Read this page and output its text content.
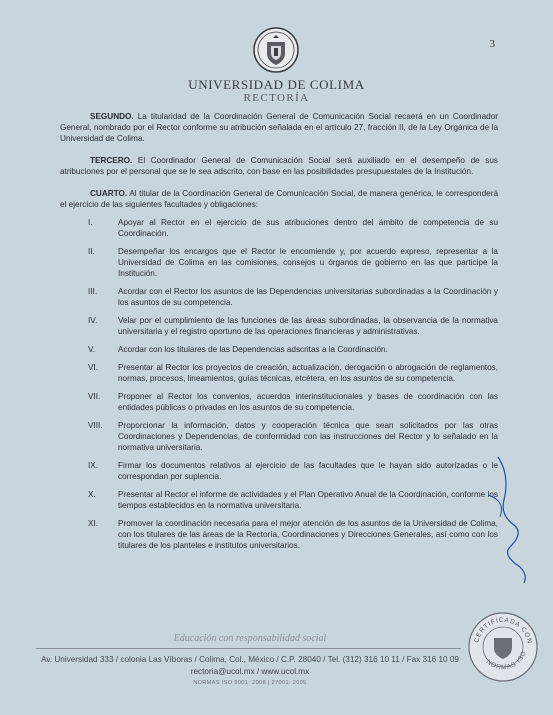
3
UNIVERSIDAD DE COLIMA
RECTORÍA

SEGUNDO. La titularidad de la Coordinación General de Comunicación Social recaerá en un Coordinador General, nombrado por el Rector conforme su atribución señalada en el artículo 27, fracción II, de la Ley Orgánica de la Universidad de Colima.

TERCERO. El Coordinador General de Comunicación Social será auxiliado en el desempeño de sus atribuciones por el personal que se le sea adscrito, con base en las posibilidades presupuestales de la Institución.

CUARTO. Al titular de la Coordinación General de Comunicación Social, de manera genérica, le corresponderá el ejercicio de las siguientes facultades y obligaciones:

I.	Apoyar al Rector en el ejercicio de sus atribuciones dentro del ámbito de competencia de su Coordinación.
II.	Desempeñar los encargos que el Rector le encomiende y, por acuerdo expreso, representar a la Universidad de Colima en las comisiones, consejos u órganos de gobierno en las que participe la Institución.
III.	Acordar con el Rector los asuntos de las Dependencias universitarias subordinadas a la Coordinación y los asuntos de su competencia.
IV.	Velar por el cumplimiento de las funciones de las áreas subordinadas, la observancia de la normativa universitaria y el registro oportuno de las operaciones financieras y administrativas.
V.	Acordar con los titulares de las Dependencias adscritas a la Coordinación.
VI. Presentar al Rector los proyectos de creación, actualización, derogación o abrogación de reglamentos, normas, procesos, lineamientos, guías técnicas, etcétera, en los asuntos de su competencia.
VII. Proponer al Rector los convenios, acuerdos interinstitucionales y bases de coordinación con las entidades públicas o privadas en los asuntos de su competencia.
VIII. Proporcionar la información, datos y cooperación técnica que sean solicitados por las otras Coordinaciones y Dependencias, de conformidad con las instrucciones del Rector y lo señalado en la normativa universitaria.
IX. Firmar los documentos relativos al ejercicio de las facultades que le hayan sido autorizadas o le correspondan por suplencia.
X.	Presentar al Rector el informe de actividades y el Plan Operativo Anual de la Coordinación, conforme los tiempos establecidos en la normativa universitaria.
XI. Promover la coordinación necesaria para el mejor atención de los asuntos de la Universidad de Colima, con los titulares de las áreas de la Rectoría, Coordinaciones y Direcciones Generales, así como con los titulares de los planteles e institutos universitarios.
Educación con responsabilidad social
Av. Universidad 333 / colonia Las Víboras / Colima, Col., México / C.P. 28040 / Tel. (312) 316 10 11 / Fax 316 10 09
rectoria@ucol.mx / www.ucol.mx
NORMAS ISO 9001: 2008 | 27001: 2005
CERTIFICADA CON
NORMAS ISO
